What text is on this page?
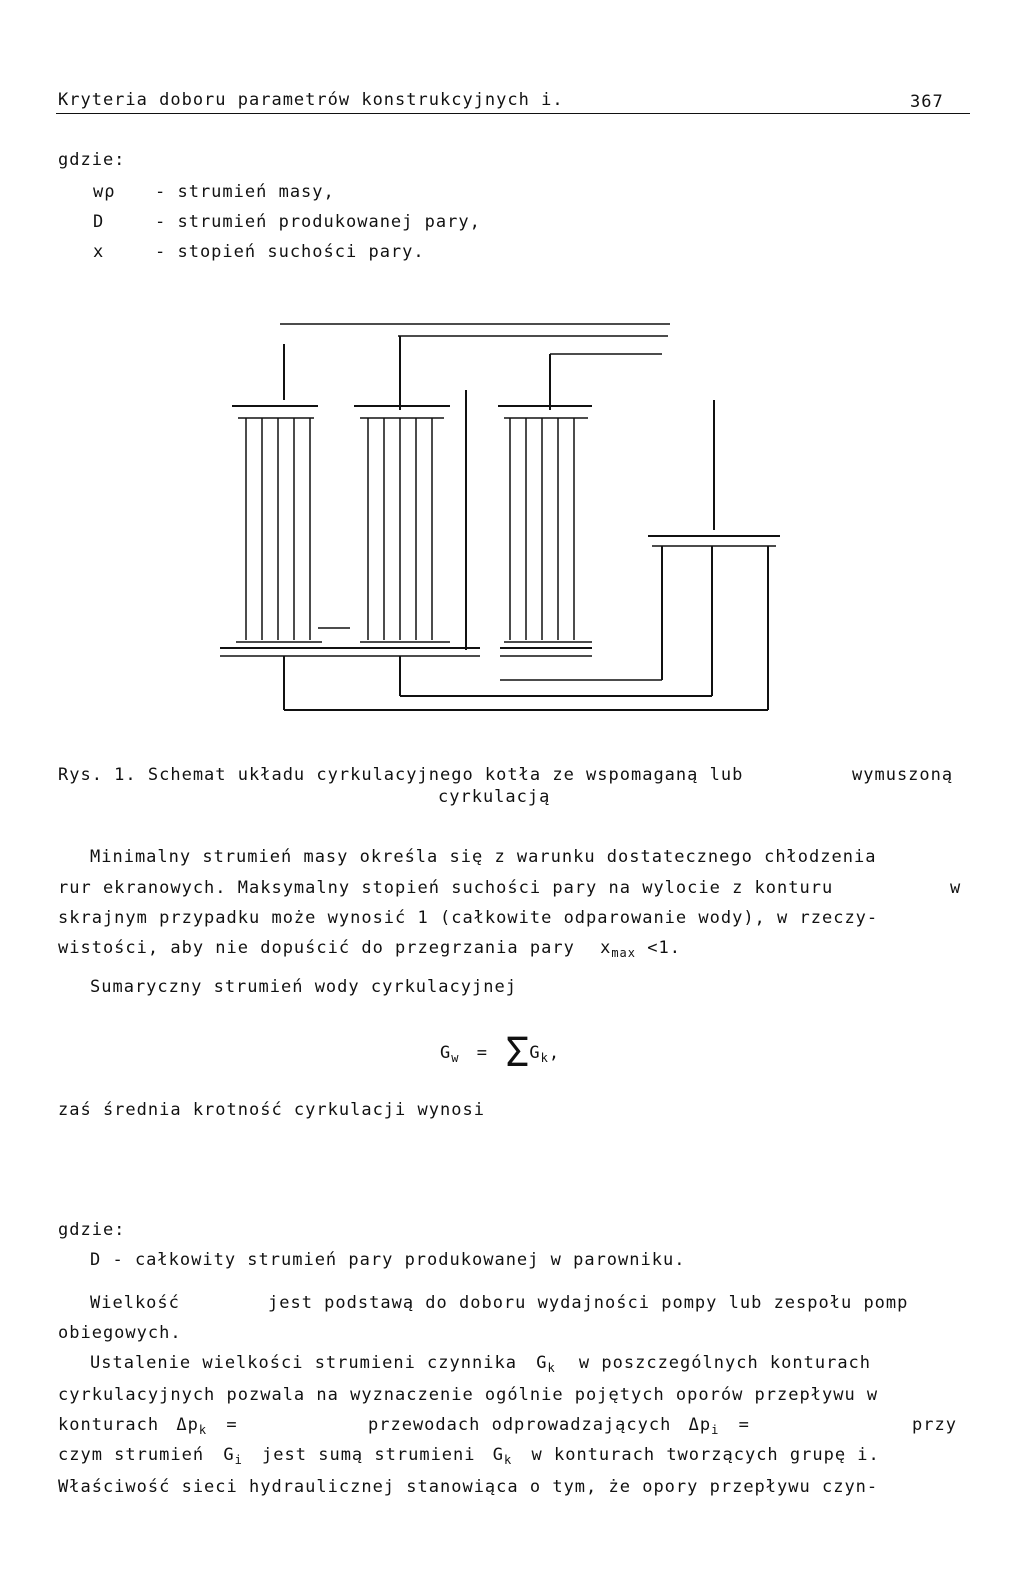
Kryteria doboru parametrów konstrukcyjnych i.	367
gdzie:
wρ - strumień masy,
D	- strumień produkowanej pary,
x	- stopień suchości pary.
Rys. 1. Schemat układu cyrkulacyjnego kotła ze wspomaganą lub	wymuszoną
cyrkulacją
Minimalny strumień masy określa się z warunku dostatecznego chłodzenia
rur ekranowych. Maksymalny stopień suchości pary na wylocie z konturu	w
skrajnym przypadku może wynosić 1 (całkowite odparowanie wody), w rzeczy-
wistości, aby nie dopuścić do przegrzania pary $x_{max} <1$.
Sumaryczny strumień wody cyrkulacyjnej
$G_w = \Sigma G_k$,
zaś średnia krotność cyrkulacji wynosi
gdzie:
D - całkowity strumień pary produkowanej w parowniku.
Wielkość	jest podstawą do doboru wydajności pompy lub zespołu pomp
obiegowych.
Ustalenie wielkości strumieni czynnika $G_k$ w poszczególnych konturach
cyrkulacyjnych pozwala na wyznaczenie ogólnie pojętych oporów przepływu w
konturach $\Delta p_k$ =	przewodach odprowadzających $\Delta p_i$ =	przy
czym strumień $G_i$ jest sumą strumieni $G_k$ w konturach tworzących grupę i.
Właściwość sieci hydraulicznej stanowiąca o tym, że opory przepływu czyn-
